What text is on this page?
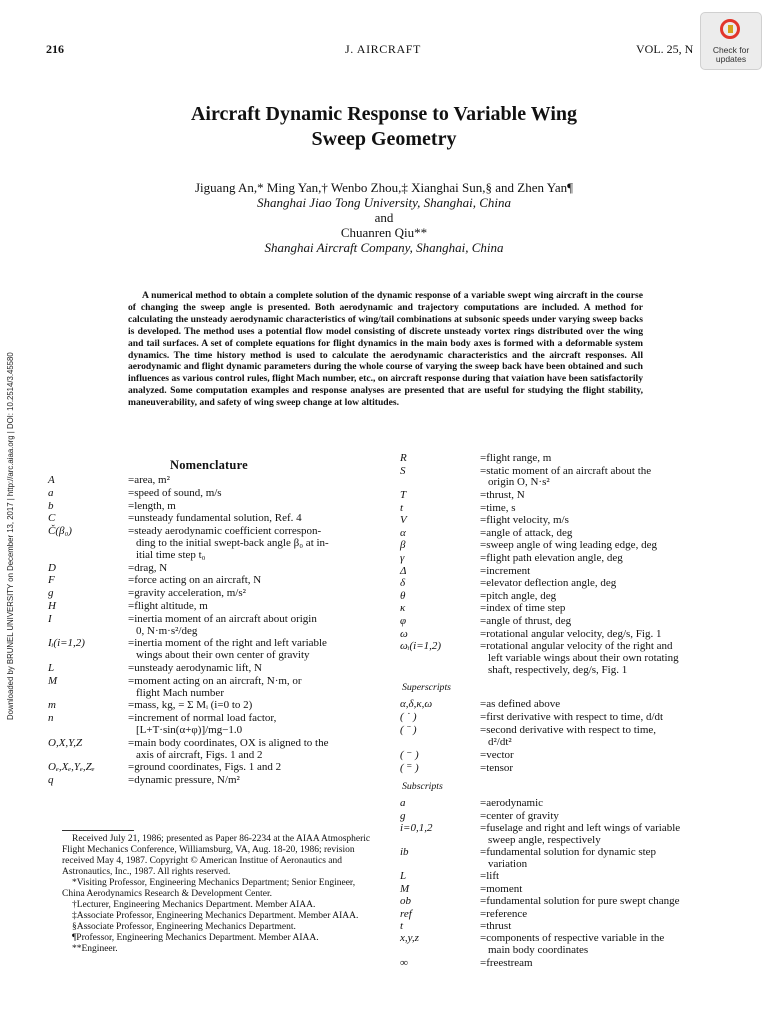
216	J. AIRCRAFT	VOL. 25, N	Check for
updates
Downloaded by BRUNEL UNIVERSITY on December 13, 2017 | http://arc.aiaa.org | DOI: 10.2514/3.45580
Aircraft Dynamic Response to Variable Wing
Sweep Geometry
Jiguang An,* Ming Yan,† Wenbo Zhou,‡ Xianghai Sun,§ and Zhen Yan¶
Shanghai Jiao Tong University, Shanghai, China
and
Chuanren Qiu**
Shanghai Aircraft Company, Shanghai, China
A numerical method to obtain a complete solution of the dynamic response of a variable swept wing aircraft in the course of changing the sweep angle is presented. Both aerodynamic and trajectory computations are included. A method for calculating the unsteady aerodynamic characteristics of wing/tail combinations at subsonic speeds under varying sweep backs is developed. The method uses a potential flow model consisting of discrete unsteady vortex rings distributed over the wing and tail surfaces. A set of complete equations for flight dynamics in the main body axes is formed with a deformable system dynamics. The time history method is used to calculate the aerodynamic characteristics and the aircraft responses. All aerodynamic and flight dynamic parameters during the whole course of varying the sweep back have been obtained and such influences as various control rules, flight Mach number, etc., on aircraft response during that vaiation have been satisfactorily analyzed. Some computation examples and response analyses are presented that are useful for studying the flight stability, maneuverability, and safety of wing sweep change at low altitudes.
Nomenclature
A	=area, m²
a	=speed of sound, m/s
b	=length, m
C	=unsteady fundamental solution, Ref. 4
Č(β₀)	=steady aerodynamic coefficient correspon-
ding to the initial swept-back angle β₀ at in-
itial time step t₀
D	=drag, N
F	=force acting on an aircraft, N
g	=gravity acceleration, m/s²
H	=flight altitude, m
I	=inertia moment of an aircraft about origin
0, N·m·s²/deg
Iᵢ(i=1,2)	=inertia moment of the right and left variable
wings about their own center of gravity
L	=unsteady aerodynamic lift, N
M	=moment acting on an aircraft, N·m, or
flight Mach number
m	=mass, kg, = Σ Mᵢ (i=0 to 2)
n	=increment of normal load factor,
[L+T·sin(α+φ)]/mg−1.0
O,X,Y,Z	=main body coordinates, OX is aligned to the
axis of aircraft, Figs. 1 and 2
Oₑ,Xₑ,Yₑ,Zₑ	=ground coordinates, Figs. 1 and 2
q	=dynamic pressure, N/m²
R	=flight range, m
S	=static moment of an aircraft about the
origin O, N·s²
T	=thrust, N
t	=time, s
V	=flight velocity, m/s
α	=angle of attack, deg
β	=sweep angle of wing leading edge, deg
γ	=flight path elevation angle, deg
Δ	=increment
δ	=elevator deflection angle, deg
θ	=pitch angle, deg
κ	=index of time step
φ	=angle of thrust, deg
ω	=rotational angular velocity, deg/s, Fig. 1
ωᵢ(i=1,2)	=rotational angular velocity of the right and
left variable wings about their own rotating
shaft, respectively, deg/s, Fig. 1
Superscripts
α,δ,κ,ω	=as defined above
( ˙ )	=first derivative with respect to time, d/dt
( ¨ )	=second derivative with respect to time,
d²/dt²
( ⁻ )	=vector
( ⁼ )	=tensor
Subscripts
a	=aerodynamic
g	=center of gravity
i=0,1,2	=fuselage and right and left wings of variable
sweep angle, respectively
ib	=fundamental solution for dynamic step
variation
L	=lift
M	=moment
ob	=fundamental solution for pure swept change
ref	=reference
t	=thrust
x,y,z	=components of respective variable in the
main body coordinates
∞	=freestream

Received July 21, 1986; presented as Paper 86-2234 at the AIAA Atmospheric Flight Mechanics Conference, Williamsburg, VA, Aug. 18-20, 1986; revision received May 4, 1987. Copyright © American Institue of Aeronautics and Astronautics, Inc., 1987. All rights reserved.

*Visiting Professor, Engineering Mechanics Department; Senior Engineer, China Aerodynamics Research & Development Center.

†Lecturer, Engineering Mechanics Department. Member AIAA.

‡Associate Professor, Engineering Mechanics Department. Member AIAA.

§Associate Professor, Engineering Mechanics Department.

¶Professor, Engineering Mechanics Department. Member AIAA.

**Engineer.
